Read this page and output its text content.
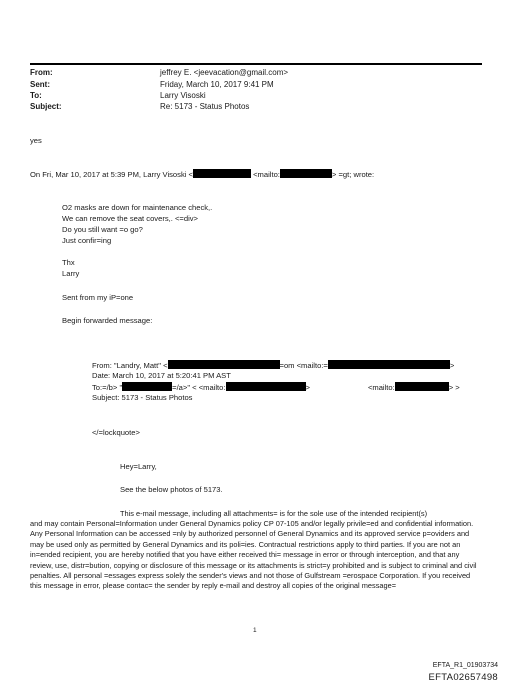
From:	jeffrey E. <jeevacation@gmail.com>
Sent:	Friday, March 10, 2017 9:41 PM
To:	Larry Visoski
Subject:	Re: 5173 - Status Photos
yes
On Fri, Mar 10, 2017 at 5:39 PM, Larry Visoski <	<mailto:	> =gt; wrote:
O2 masks are down for maintenance check,.
We can remove the seat covers,. <=div>
Do you still want =o go?
Just confir=ing
Thx
Larry
Sent from my iP=one
Begin forwarded message:
From: "Landry, Matt" <	=om <mailto:=	>
Date: March 10, 2017 at 5:20:41 PM AST
To:=/b> "	=/a>" < <mailto:	>	<mailto:	> >
Subject: 5173 - Status Photos
</=lockquote>
Hey=Larry,
See the below photos of 5173.
This e-mail message, including all attachments= is for the sole use of the intended recipient(s)
and may contain Personal=Information under General Dynamics policy CP 07-105 and/or legally privile=ed and confidential information. Any Personal Information can be accessed =nly by authorized personnel of General Dynamics and its approved service p=oviders and may be used only as permitted by General Dynamics and its poli=ies. Contractual restrictions apply to third parties. If you are not an in=ended recipient, you are hereby notified that you have either received thi= message in error or through interception, and that any review, use, distr=bution, copying or disclosure of this message or its attachments is strict=y prohibited and is subject to criminal and civil penalties. All personal =essages express solely the sender's views and not those of Gulfstream =erospace Corporation. If you received this message in error, please contac= the sender by reply e-mail and destroy all copies of the original message=
1
EFTA_R1_01903734
EFTA02657498
